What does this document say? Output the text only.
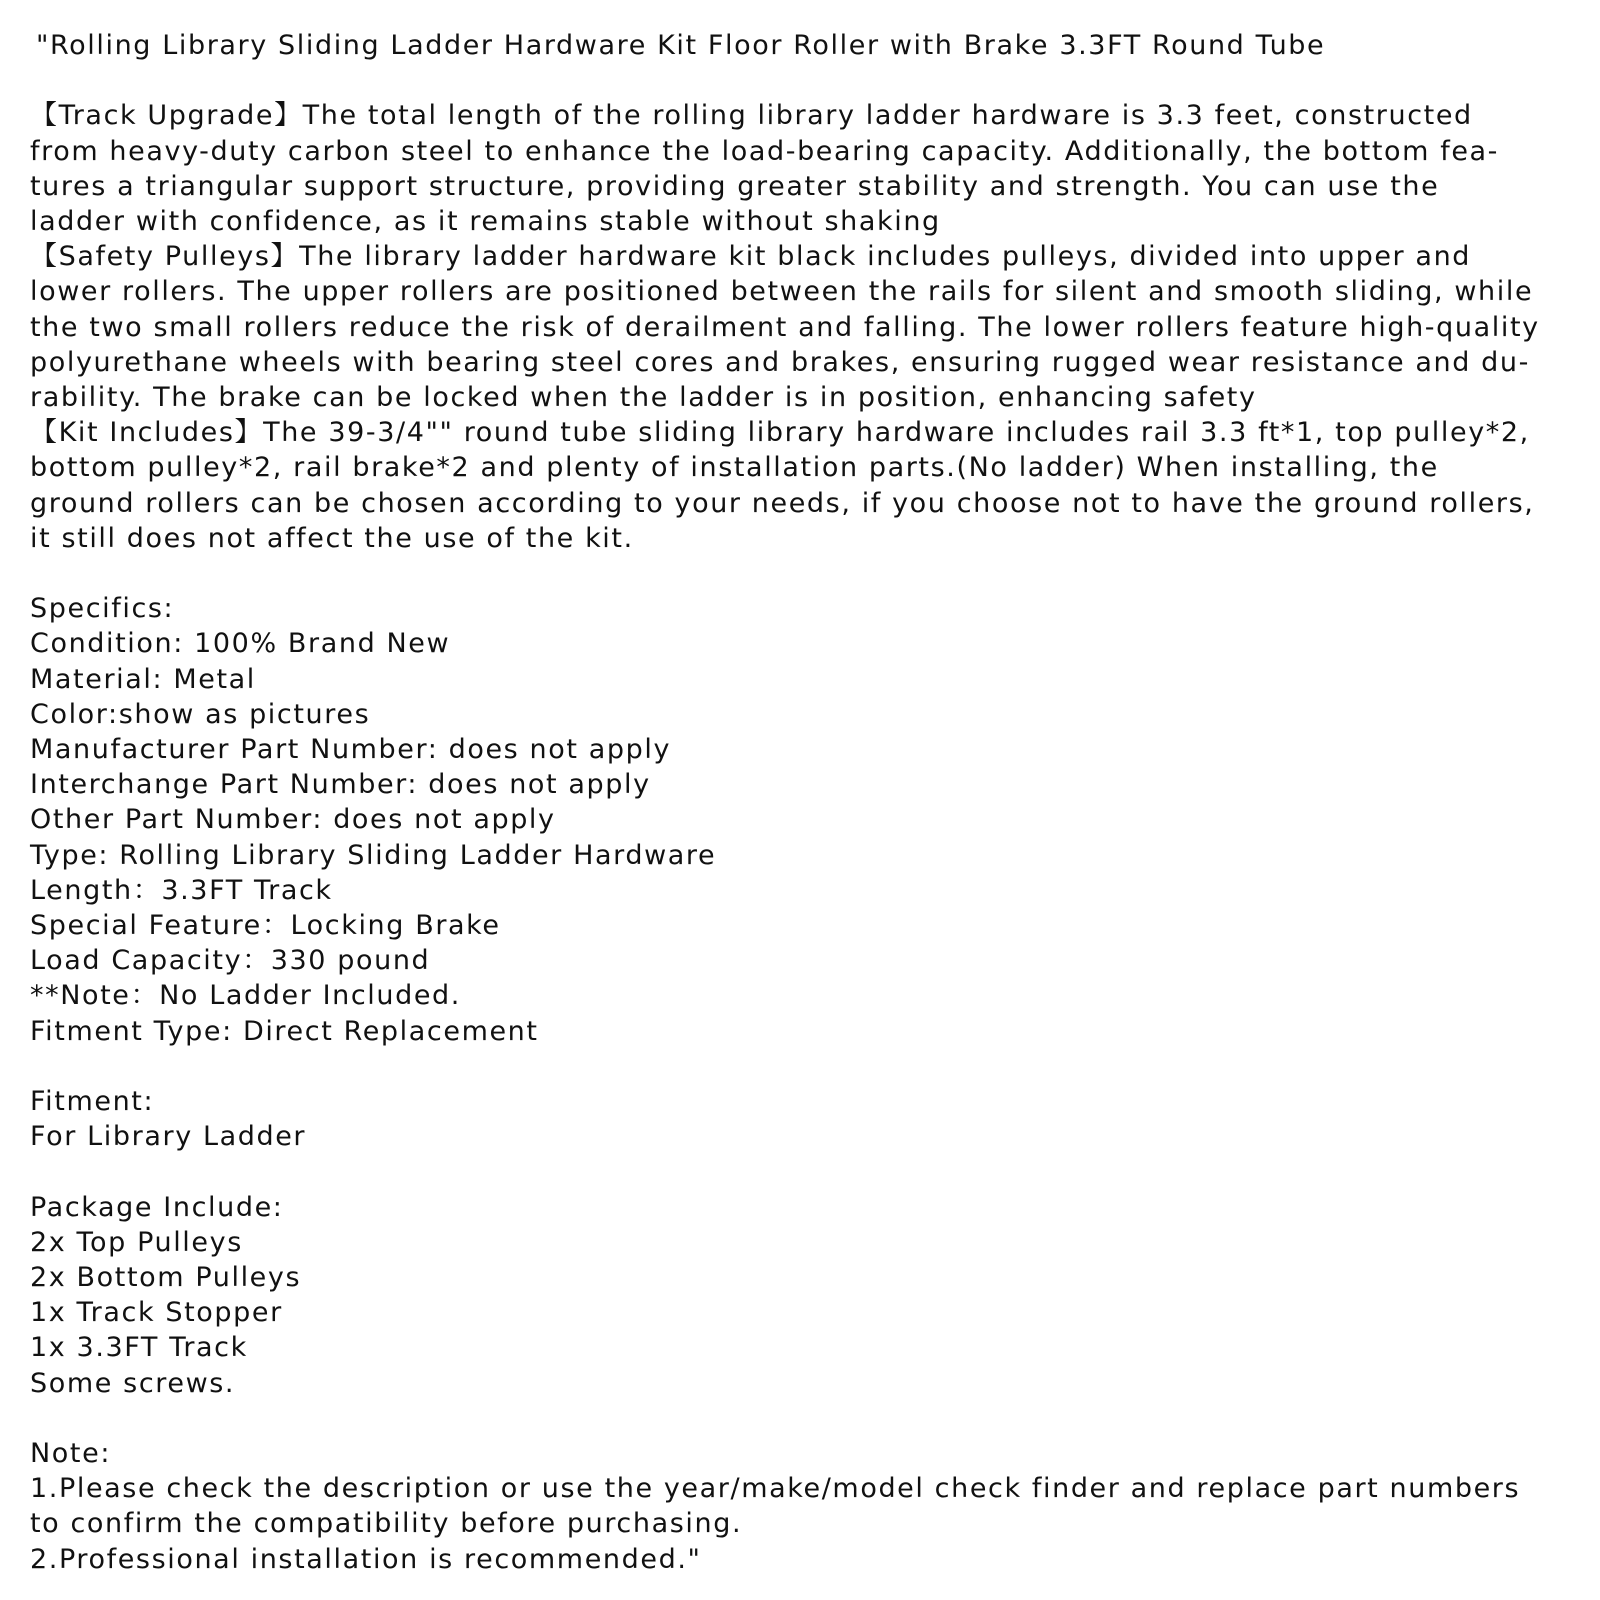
"Rolling Library Sliding Ladder Hardware Kit Floor Roller with Brake 3.3FT Round Tube
【Track Upgrade】The total length of the rolling library ladder hardware is 3.3 feet, constructed
from heavy-duty carbon steel to enhance the load-bearing capacity. Additionally, the bottom fea-
tures a triangular support structure, providing greater stability and strength. You can use the
ladder with confidence, as it remains stable without shaking
【Safety Pulleys】The library ladder hardware kit black includes pulleys, divided into upper and
lower rollers. The upper rollers are positioned between the rails for silent and smooth sliding, while
the two small rollers reduce the risk of derailment and falling. The lower rollers feature high-quality
polyurethane wheels with bearing steel cores and brakes, ensuring rugged wear resistance and du-
rability. The brake can be locked when the ladder is in position, enhancing safety
【Kit Includes】The 39-3/4"" round tube sliding library hardware includes rail 3.3 ft*1, top pulley*2,
bottom pulley*2, rail brake*2 and plenty of installation parts.(No ladder) When installing, the
ground rollers can be chosen according to your needs, if you choose not to have the ground rollers,
it still does not affect the use of the kit.
Specifics:
Condition: 100% Brand New
Material: Metal
Color:show as pictures
Manufacturer Part Number: does not apply
Interchange Part Number: does not apply
Other Part Number: does not apply
Type: Rolling Library Sliding Ladder Hardware
Length：3.3FT Track
Special Feature：Locking Brake
Load Capacity：330 pound
**Note：No Ladder Included.
Fitment Type: Direct Replacement
Fitment:
For Library Ladder
Package Include:
2x Top Pulleys
2x Bottom Pulleys
1x Track Stopper
1x 3.3FT Track
Some screws.
Note:
1.Please check the description or use the year/make/model check finder and replace part numbers
to confirm the compatibility before purchasing.
2.Professional installation is recommended."
